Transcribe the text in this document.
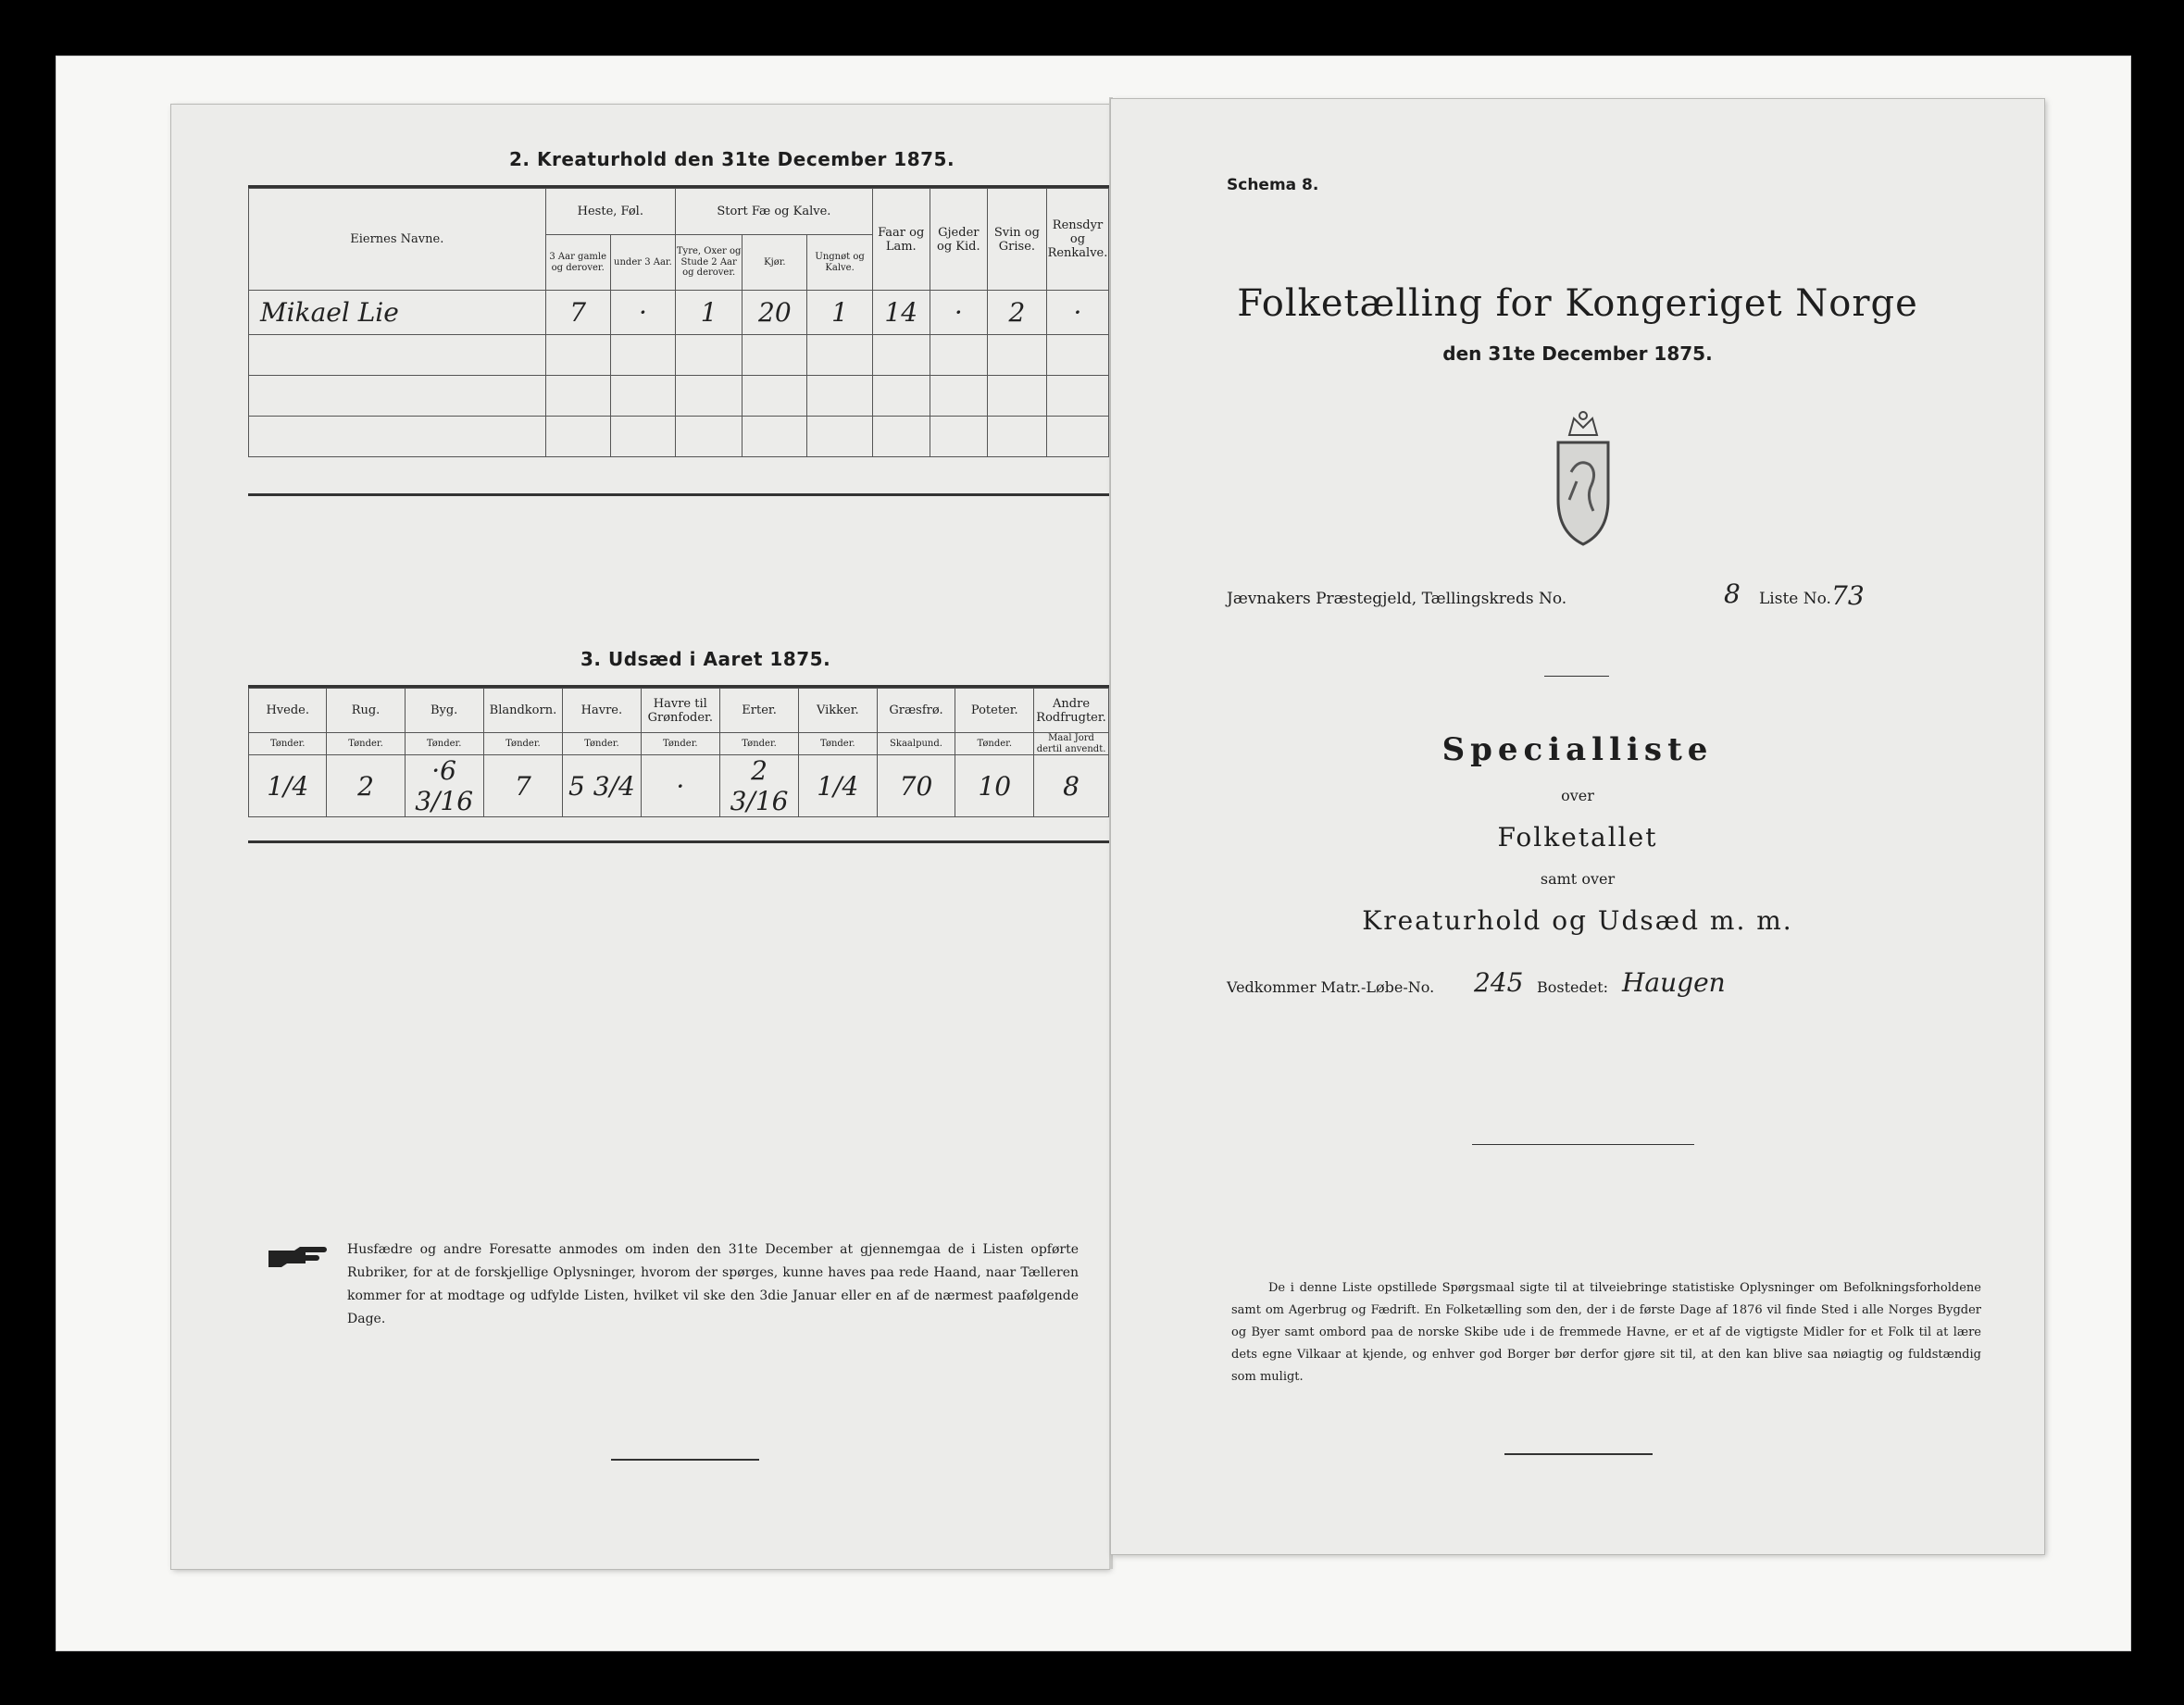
2. Kreaturhold den 31te December 1875.
Eiernes Navne.	Heste, Føl.		Stort Fæ og Kalve.			Faar og Lam.	Gjeder og Kid.	Svin og Grise.	Rensdyr og Renkalve.
	3 Aar gamle og derover.	under 3 Aar.	Tyre, Oxer og Stude 2 Aar og derover.	Kjør.	Ungnøt og Kalve.				
Mikael Lie	7	·	1	20	1	14	·	2	·

3. Udsæd i Aaret 1875.
Hvede.	Rug.	Byg.	Blandkorn.	Havre.	Havre til Grønfoder.	Erter.	Vikker.	Græsfrø.	Poteter.	Andre Rodfrugter.
Tønder.	Tønder.	Tønder.	Tønder.	Tønder.	Tønder.	Tønder.	Tønder.	Skaalpund.	Tønder.	Maal Jord dertil anvendt.
1/4	2	·6 3/16	7	5 3/4	·	2 3/16	1/4	70	10	8
Husfædre og andre Foresatte anmodes om inden den 31te December at gjennemgaa de i Listen opførte Rubriker, for at de forskjellige Oplysninger, hvorom der spørges, kunne haves paa rede Haand, naar Tælleren kommer for at modtage og udfylde Listen, hvilket vil ske den 3die Januar eller en af de nærmest paafølgende Dage.
Schema 8.
Folketælling for Kongeriget Norge
den 31te December 1875.
Jævnakers Præstegjeld, Tællingskreds No.	8 Liste No. 73
Specialliste
over
Folketallet
samt over
Kreaturhold og Udsæd m. m.
Vedkommer Matr.-Løbe-No. 245 Bostedet: Haugen
De i denne Liste opstillede Spørgsmaal sigte til at tilveiebringe statistiske Oplysninger om Befolkningsforholdene samt om Agerbrug og Fædrift. En Folketælling som den, der i de første Dage af 1876 vil finde Sted i alle Norges Bygder og Byer samt ombord paa de norske Skibe ude i de fremmede Havne, er et af de vigtigste Midler for et Folk til at lære dets egne Vilkaar at kjende, og enhver god Borger bør derfor gjøre sit til, at den kan blive saa nøiagtig og fuldstændig som muligt.
